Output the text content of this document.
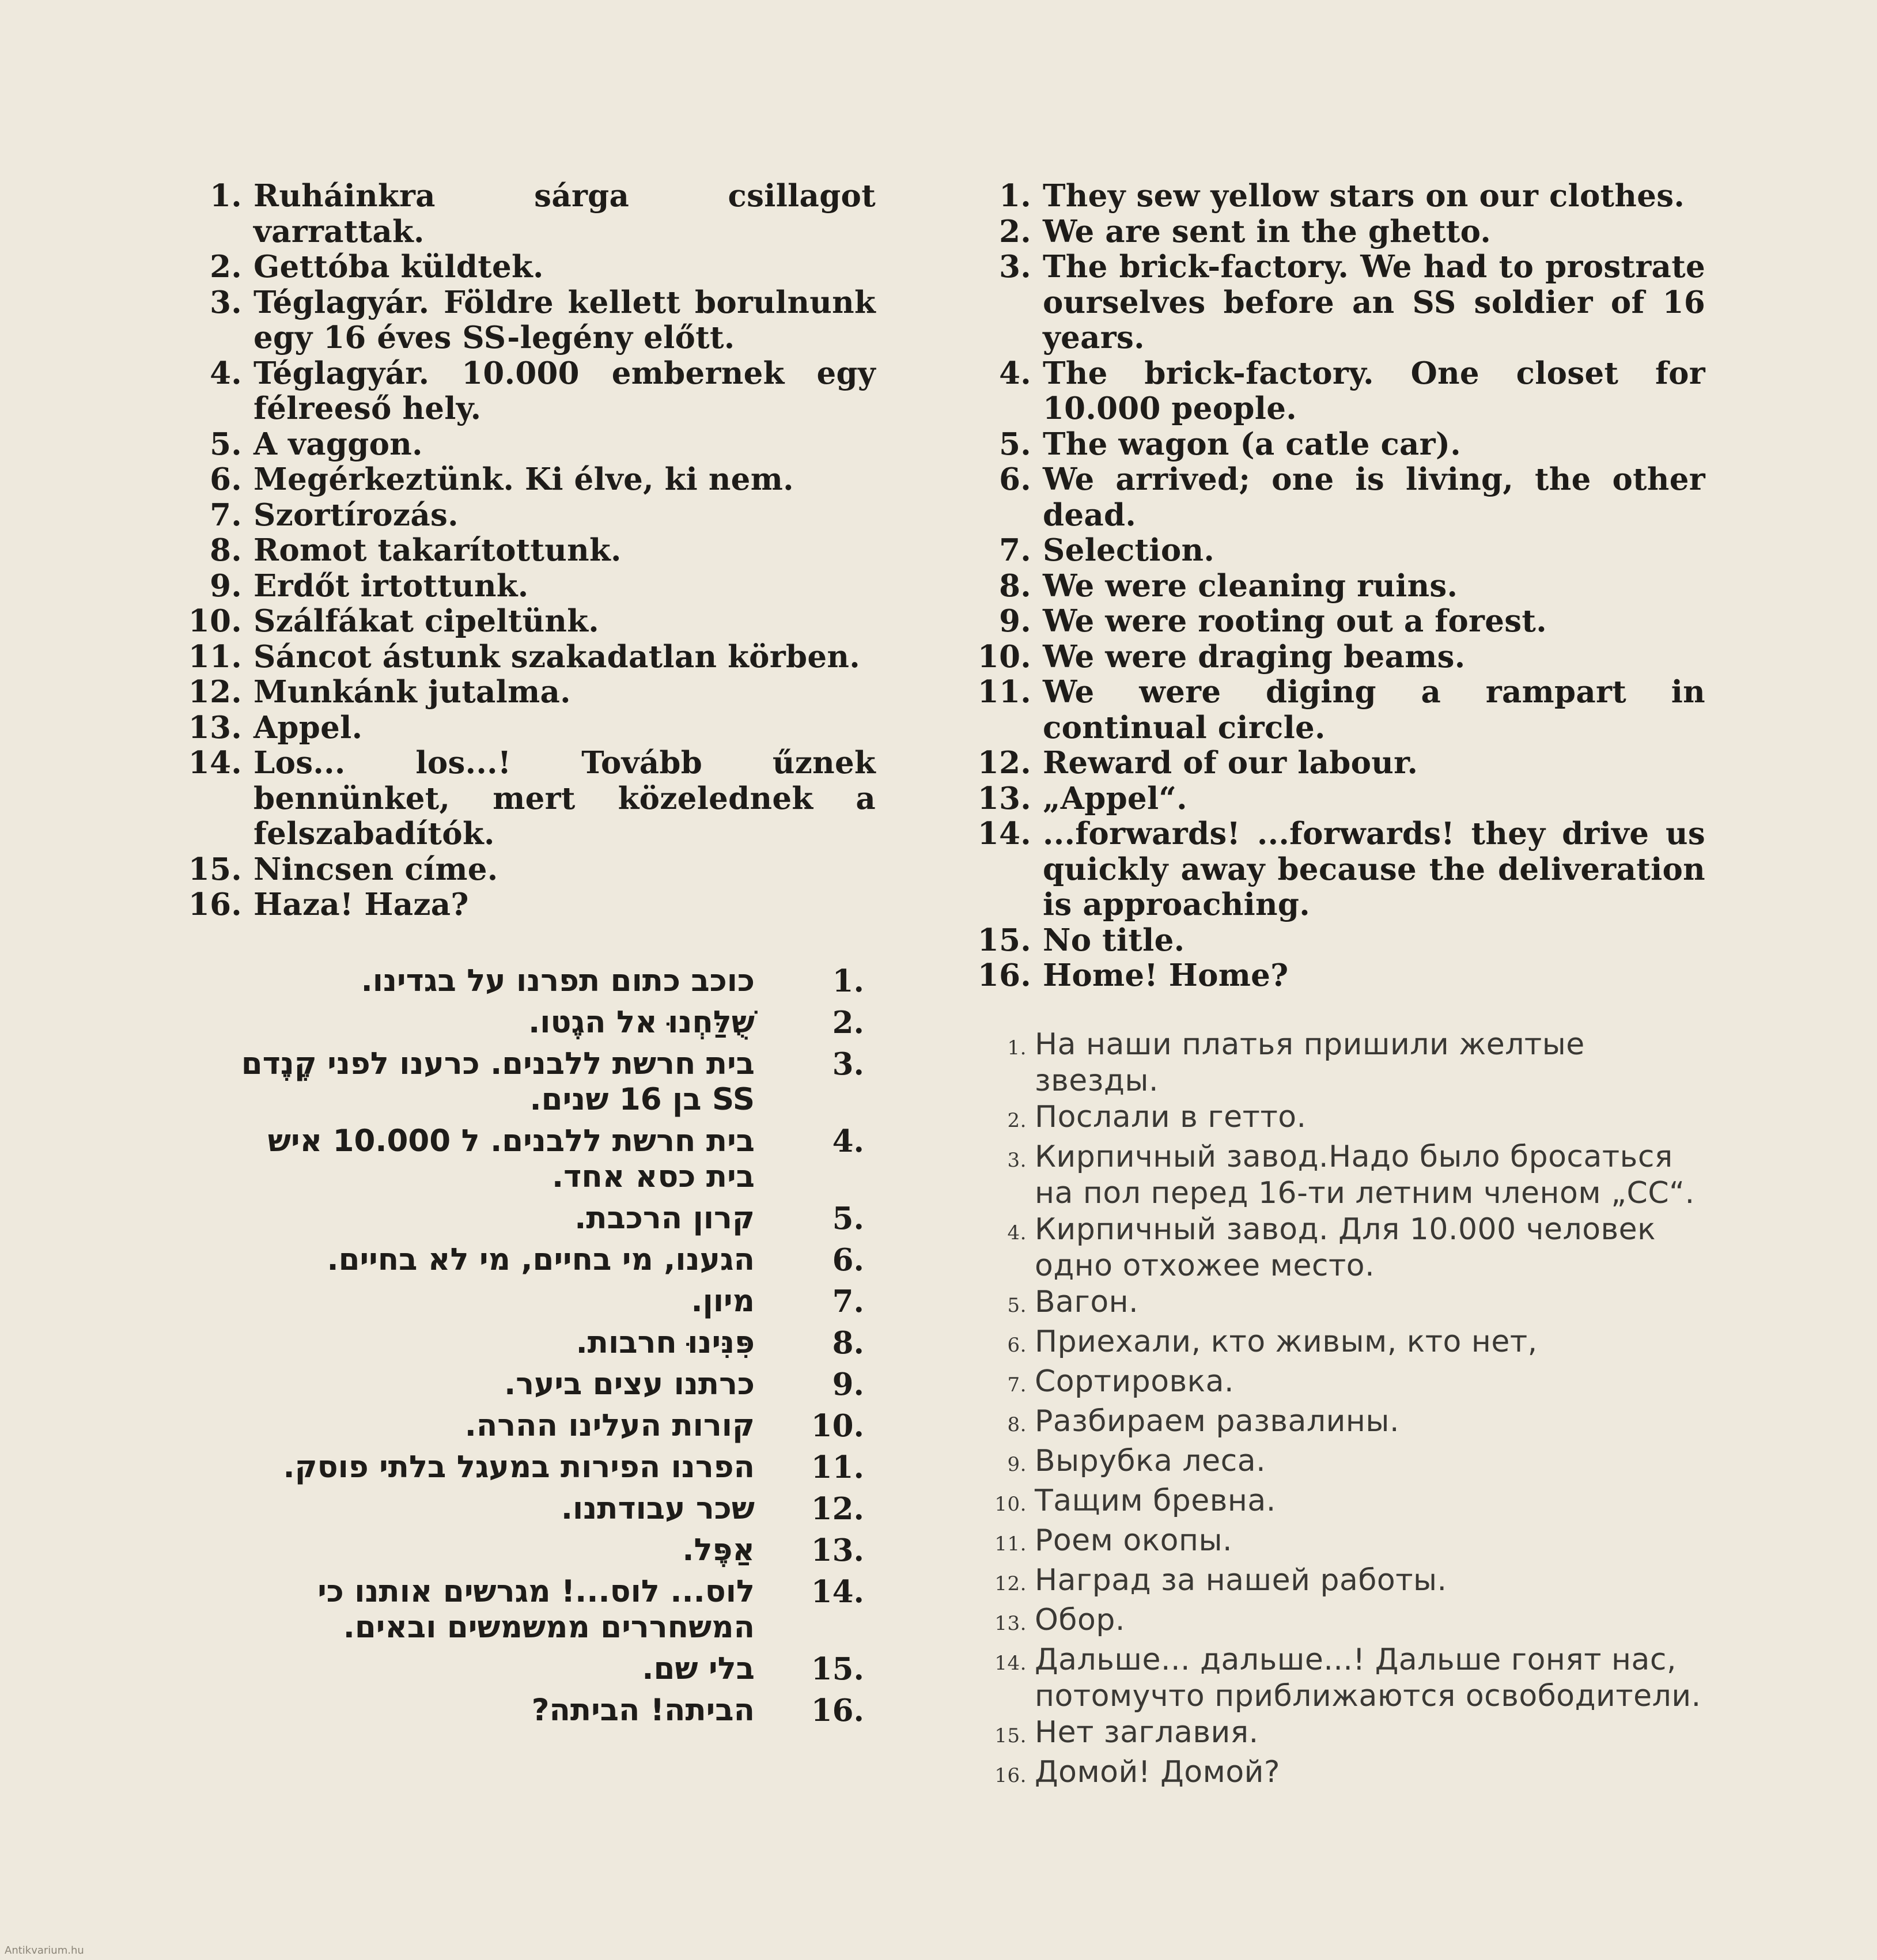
1. Ruháinkra sárga csillagot varrattak.
2. Gettóba küldtek.
3. Téglagyár. Földre kellett borulnunk egy 16 éves SS-legény előtt.
4. Téglagyár. 10.000 embernek egy félreeső hely.
5. A vaggon.
6. Megérkeztünk. Ki élve, ki nem.
7. Szortírozás.
8. Romot takarítottunk.
9. Erdőt irtottunk.
10. Szálfákat cipeltünk.
11. Sáncot ástunk szakadatlan körben.
12. Munkánk jutalma.
13. Appel.
14. Los... los...! Tovább űznek bennünket, mert közelednek a felszabadítók.
15. Nincsen címe.
16. Haza! Haza?
1. They sew yellow stars on our clothes.
2. We are sent in the ghetto.
3. The brick-factory. We had to prostrate ourselves before an SS soldier of 16 years.
4. The brick-factory. One closet for 10.000 people.
5. The wagon (a catle car).
6. We arrived; one is living, the other dead.
7. Selection.
8. We were cleaning ruins.
9. We were rooting out a forest.
10. We were draging beams.
11. We were diging a rampart in continual circle.
12. Reward of our labour.
13. „Appel“.
14. ...forwards! ...forwards! they drive us quickly away because the deliveration is approaching.
15. No title.
16. Home! Home?
1.
כוכב כתום תפרנו על בגדינו.
2.
שֻׁלַּחְנוּ אל הגֶטו.
3.
בית חרשת ללבנים. כרענו לפני קֶנֶדם SS בן 16 שנים.
4.
בית חרשת ללבנים. ל 10.000 איש בית כסא אחד.
5.
קרון הרכבת.
6.
הגענו, מי בחיים, מי לא בחיים.
7.
מיון.
8.
פִּנִּינוּ חרבות.
9.
כרתנו עצים ביער.
10.
קורות העלינו ההרה.
11.
הפרנו הפירות במעגל בלתי פוסק.
12.
שכר עבודתנו.
13.
אַפֶּל.
14.
לוס... לוס...! מגרשים אותנו כי המשחררים ממשמשים ובאים.
15.
בלי שם.
16.
הביתה! הביתה?
1. На наши платья пришили желтые звезды.
2. Послали в гетто.
3. Кирпичный завод.Надо было бросаться на пол перед 16-ти летним членом „СС“.
4. Кирпичный завод. Для 10.000 человек одно отхожее место.
5. Вагон.
6. Приехали, кто живым, кто нет,
7. Сортировка.
8. Разбираем развалины.
9. Вырубка леса.
10. Тащим бревна.
11. Роем окопы.
12. Наград за нашей работы.
13. Обор.
14. Дальше... дальше...! Дальше гонят нас, потомучто приближаются освободители.
15. Нет заглавия.
16. Домой! Домой?
Antikvarium.hu
